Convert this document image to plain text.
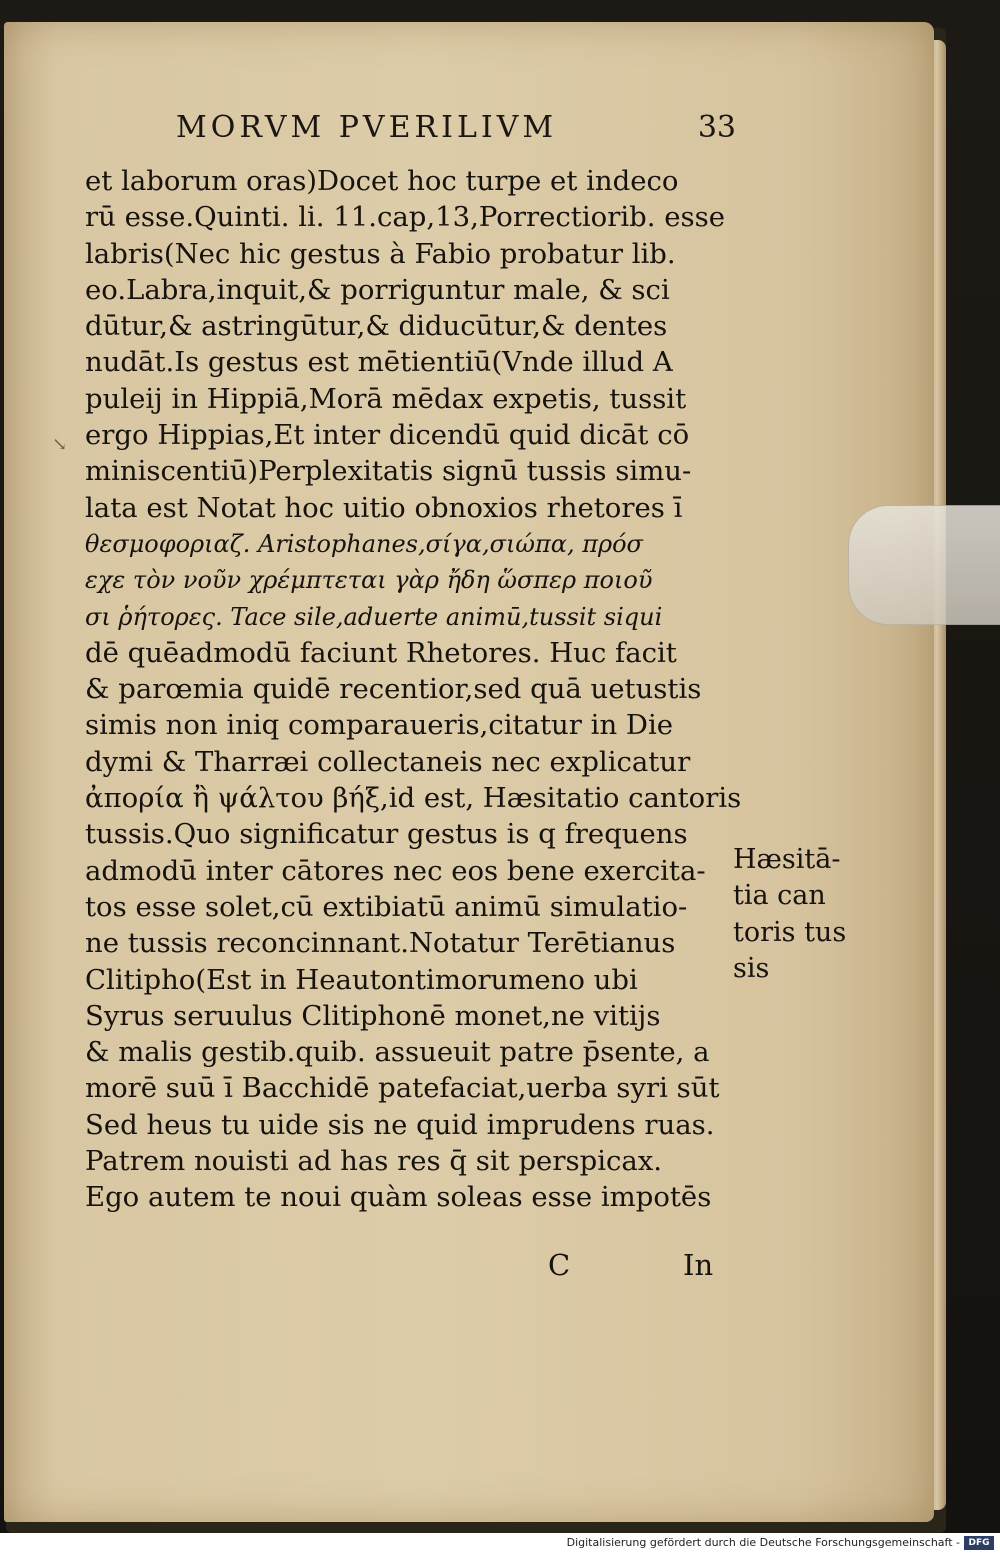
↘
MORVM PVERILIVM	33
et laborum oras)Docet hoc turpe et indeco
rū esse.Quinti. li. 11.cap,13,Porrectiorib. esse
labris(Nec hic gestus à Fabio probatur lib.
eo.Labra,inquit,& porriguntur male, & sci
dūtur,& astringūtur,& diducūtur,& dentes
nudāt.Is gestus est mētientiū(Vnde illud A
puleij in Hippiā,Morā mēdax expetis, tussit
ergo Hippias,Et inter dicendū quid dicāt cō
miniscentiū)Perplexitatis signū tussis simu-
lata est Notat hoc uitio obnoxios rhetores ī
θεσμοφοριαζ. Aristophanes,σίγα,σιώπα, πρόσ
εχε τὸν νοῦν χρέμπτεται γὰρ ἤδη ὥσπερ ποιοῦ
σι ῥήτορες. Tace sile,aduerte animū,tussit siqui
dē quēadmodū faciunt Rhetores. Huc facit
& parœmia quidē recentior,sed quā uetustis
simis non iniq comparaueris,citatur in Die
dymi & Tharræi collectaneis nec explicatur
ἀπορία ἢ ψάλτου βήξ,id est, Hæsitatio cantoris
tussis.Quo significatur gestus is q frequens
admodū inter cātores nec eos bene exercita-
tos esse solet,cū extibiatū animū simulatio-
ne tussis reconcinnant.Notatur Terētianus
Clitipho(Est in Heautontimorumeno ubi
Syrus seruulus Clitiphonē monet,ne vitijs
& malis gestib.quib. assueuit patre p̄sente, a
morē suū ī Bacchidē patefaciat,uerba syri sūt
Sed heus tu uide sis ne quid imprudens ruas.
Patrem nouisti ad has res q̄ sit perspicax.
Ego autem te noui quàm soleas esse impotēs
Hæsitā-
tia can
toris tus
sis
C	In
Digitalisierung gefördert durch die Deutsche Forschungsgemeinschaft - DFG
